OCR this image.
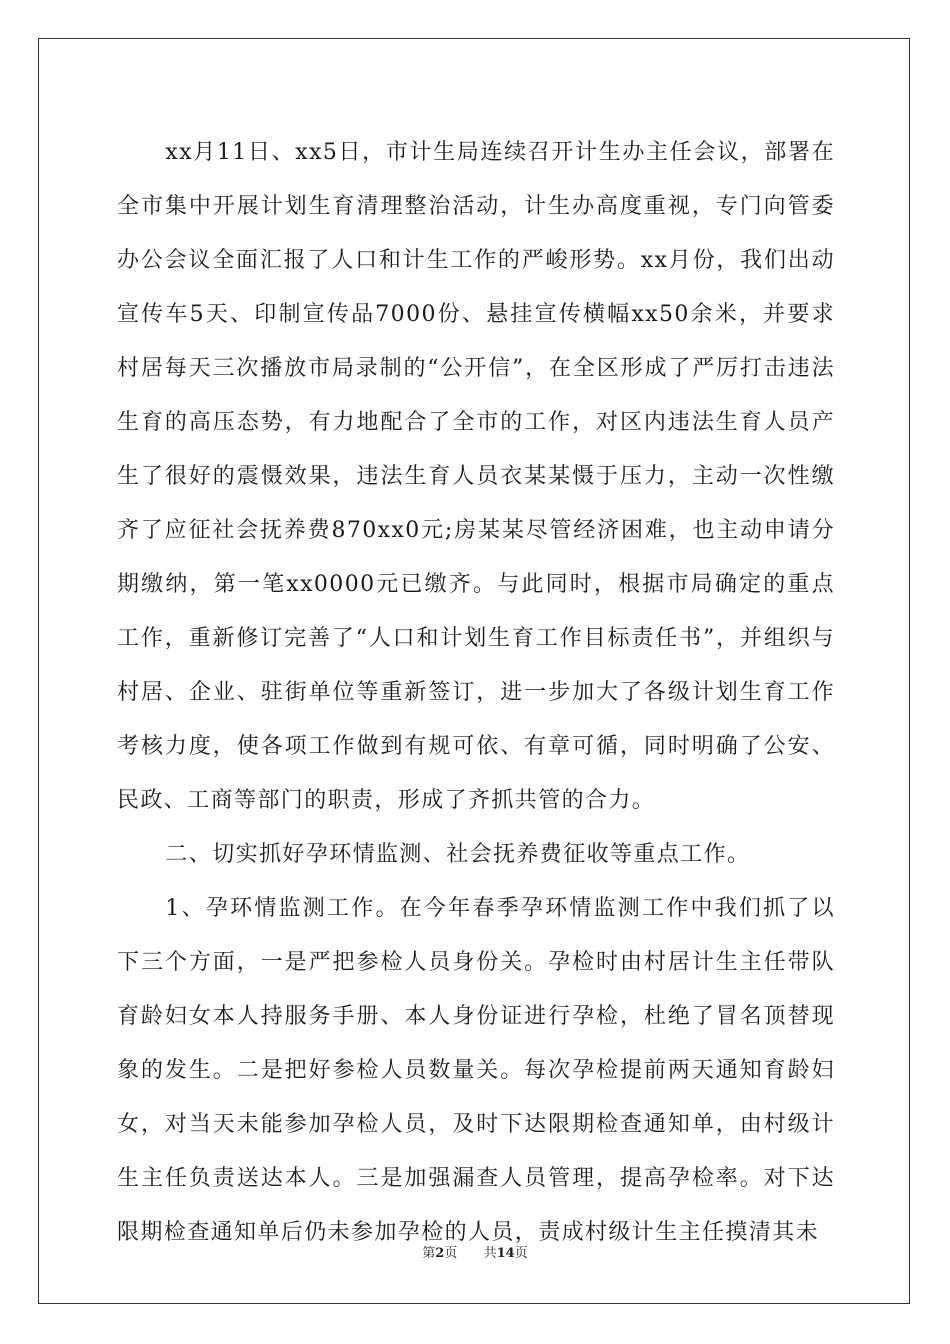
xx月11日、xx5日，市计生局连续召开计生办主任会议，部署在全市集中开展计划生育清理整治活动，计生办高度重视，专门向管委办公会议全面汇报了人口和计生工作的严峻形势。xx月份，我们出动宣传车5天、印制宣传品7000份、悬挂宣传横幅xx50余米，并要求村居每天三次播放市局录制的“公开信”，在全区形成了严厉打击违法生育的高压态势，有力地配合了全市的工作，对区内违法生育人员产生了很好的震慑效果，违法生育人员衣某某慑于压力，主动一次性缴齐了应征社会抚养费870xx0元;房某某尽管经济困难，也主动申请分期缴纳，第一笔xx0000元已缴齐。与此同时，根据市局确定的重点工作，重新修订完善了“人口和计划生育工作目标责任书”，并组织与村居、企业、驻街单位等重新签订，进一步加大了各级计划生育工作考核力度，使各项工作做到有规可依、有章可循，同时明确了公安、民政、工商等部门的职责，形成了齐抓共管的合力。

二、切实抓好孕环情监测、社会抚养费征收等重点工作。

1、孕环情监测工作。在今年春季孕环情监测工作中我们抓了以下三个方面，一是严把参检人员身份关。孕检时由村居计生主任带队育龄妇女本人持服务手册、本人身份证进行孕检，杜绝了冒名顶替现象的发生。二是把好参检人员数量关。每次孕检提前两天通知育龄妇女，对当天未能参加孕检人员，及时下达限期检查通知单，由村级计生主任负责送达本人。三是加强漏查人员管理，提高孕检率。对下达限期检查通知单后仍未参加孕检的人员，责成村级计生主任摸清其未

第2页 共14页
